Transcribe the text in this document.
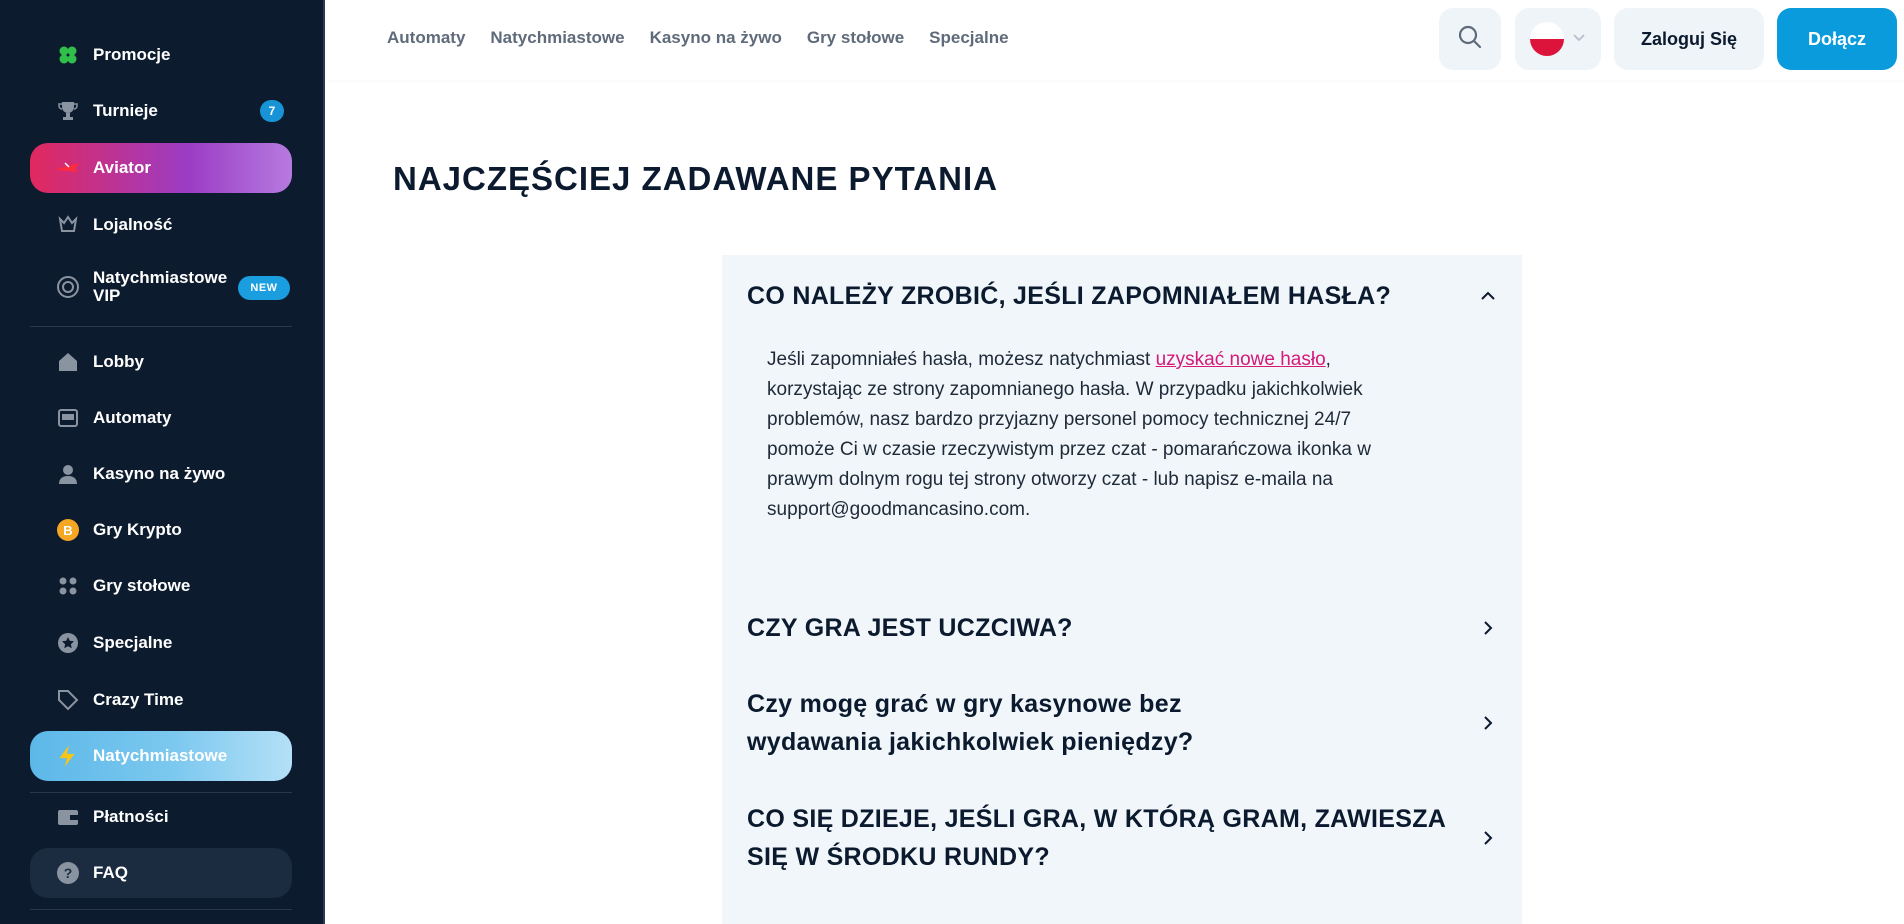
Promocje
Turnieje	7
Aviator
Lojalność
Natychmiastowe VIP	NEW
Lobby
Automaty
Kasyno na żywo
B Gry Krypto
Gry stołowe
Specjalne
Crazy Time
Natychmiastowe
Płatności
? FAQ
Automaty Natychmiastowe Kasyno na żywo Gry stołowe Specjalne	Zaloguj Się	Dołącz
NAJCZĘŚCIEJ ZADAWANE PYTANIA
CO NALEŻY ZROBIĆ, JEŚLI ZAPOMNIAŁEM HASŁA?
Jeśli zapomniałeś hasła, możesz natychmiast uzyskać nowe hasło, korzystając ze strony zapomnianego hasła. W przypadku jakichkolwiek problemów, nasz bardzo przyjazny personel pomocy technicznej 24/7 pomoże Ci w czasie rzeczywistym przez czat - pomarańczowa ikonka w prawym dolnym rogu tej strony otworzy czat - lub napisz e-maila na support@goodmancasino.com.
CZY GRA JEST UCZCIWA?
Czy mogę grać w gry kasynowe bez wydawania jakichkolwiek pieniędzy?
CO SIĘ DZIEJE, JEŚLI GRA, W KTÓRĄ GRAM, ZAWIESZA SIĘ W ŚRODKU RUNDY?
